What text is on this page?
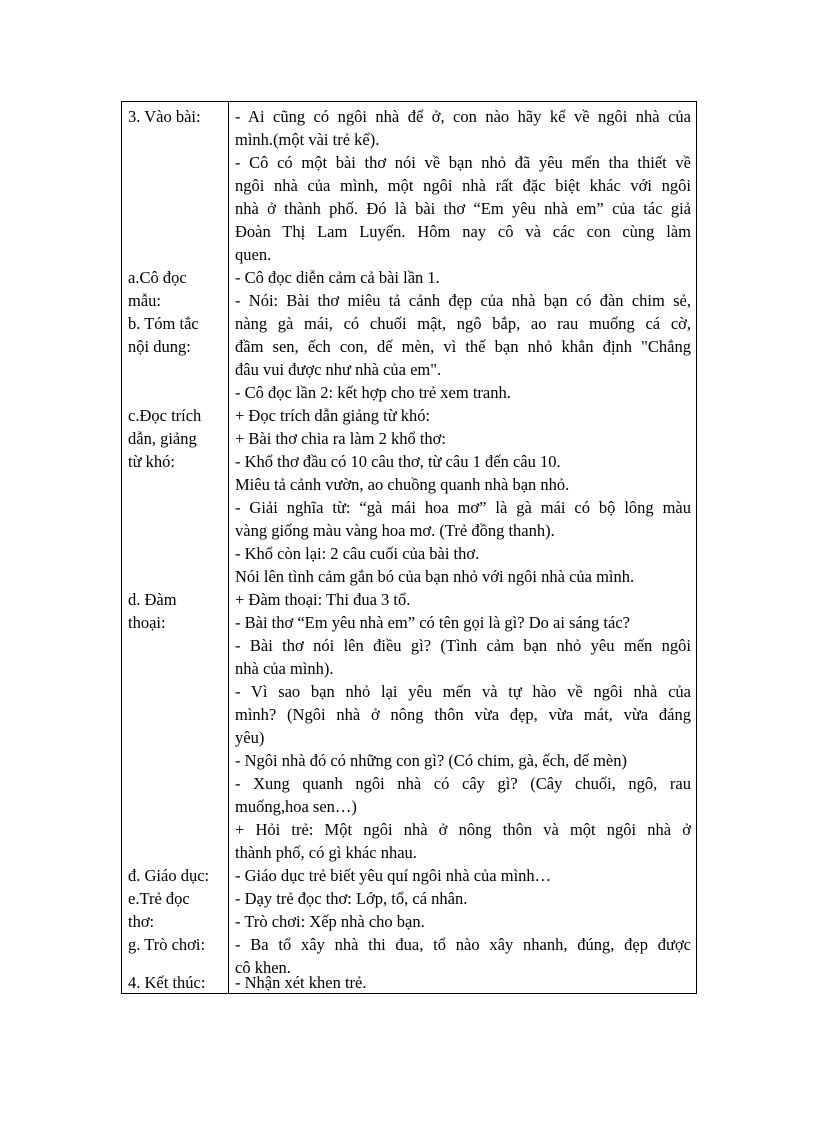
3. Vào bài:
a.Cô đọc
mẫu:
b. Tóm tắc
nội dung:
c.Đọc trích
dẫn, giảng
từ khó:
d. Đàm
thoại:
đ. Giáo dục:
e.Trẻ đọc
thơ:
g. Trò chơi:
4. Kết thúc:
- Ai cũng có ngôi nhà để ở, con nào hãy kể về ngôi nhà của
mình.(một vài trẻ kể).
- Cô có một bài thơ nói về bạn nhỏ đã yêu mến tha thiết về
ngôi nhà của mình, một ngôi nhà rất đặc biệt khác với ngôi
nhà ở thành phố. Đó là bài thơ “Em yêu nhà em” của tác giả
Đoàn Thị Lam Luyến. Hôm nay cô và các con cùng làm
quen.
- Cô đọc diễn cảm cả bài lần 1.
- Nói: Bài thơ miêu tả cảnh đẹp của nhà bạn có đàn chim sẻ,
nàng gà mái, có chuối mật, ngô bắp, ao rau muống cá cờ,
đầm sen, ếch con, dế mèn, vì thế bạn nhỏ khẳn định "Chẳng
đâu vui được như nhà của em".
- Cô đọc lần 2: kết hợp cho trẻ xem tranh.
+ Đọc trích dẫn giảng từ khó:
+ Bài thơ chia ra làm 2 khổ thơ:
- Khổ thơ đầu có 10 câu thơ, từ câu 1 đến câu 10.
Miêu tả cảnh vườn, ao chuồng quanh nhà bạn nhỏ.
- Giải nghĩa từ: “gà mái hoa mơ” là gà mái có bộ lông màu
vàng giống màu vàng hoa mơ. (Trẻ đồng thanh).
- Khổ còn lại: 2 câu cuối của bài thơ.
Nói lên tình cảm gắn bó của bạn nhỏ với ngôi nhà của mình.
+ Đàm thoại: Thi đua 3 tổ.
- Bài thơ “Em yêu nhà em” có tên gọi là gì? Do ai sáng tác?
- Bài thơ nói lên điều gì? (Tình cảm bạn nhỏ yêu mến ngôi
nhà của mình).
- Vì sao bạn nhỏ lại yêu mến và tự hào về ngôi nhà của
mình? (Ngôi nhà ở nông thôn vừa đẹp, vừa mát, vừa đáng
yêu)
- Ngôi nhà đó có những con gì? (Có chim, gà, ếch, dế mèn)
- Xung quanh ngôi nhà có cây gì? (Cây chuối, ngô, rau
muống,hoa sen…)
+ Hỏi trẻ: Một ngôi nhà ở nông thôn và một ngôi nhà ở
thành phố, có gì khác nhau.
- Giáo dục trẻ biết yêu quí ngôi nhà của mình…
- Dạy trẻ đọc thơ: Lớp, tổ, cá nhân.
- Trò chơi: Xếp nhà cho bạn.
- Ba tổ xây nhà thi đua, tổ nào xây nhanh, đúng, đẹp được
cô khen.
- Nhận xét khen trẻ.
